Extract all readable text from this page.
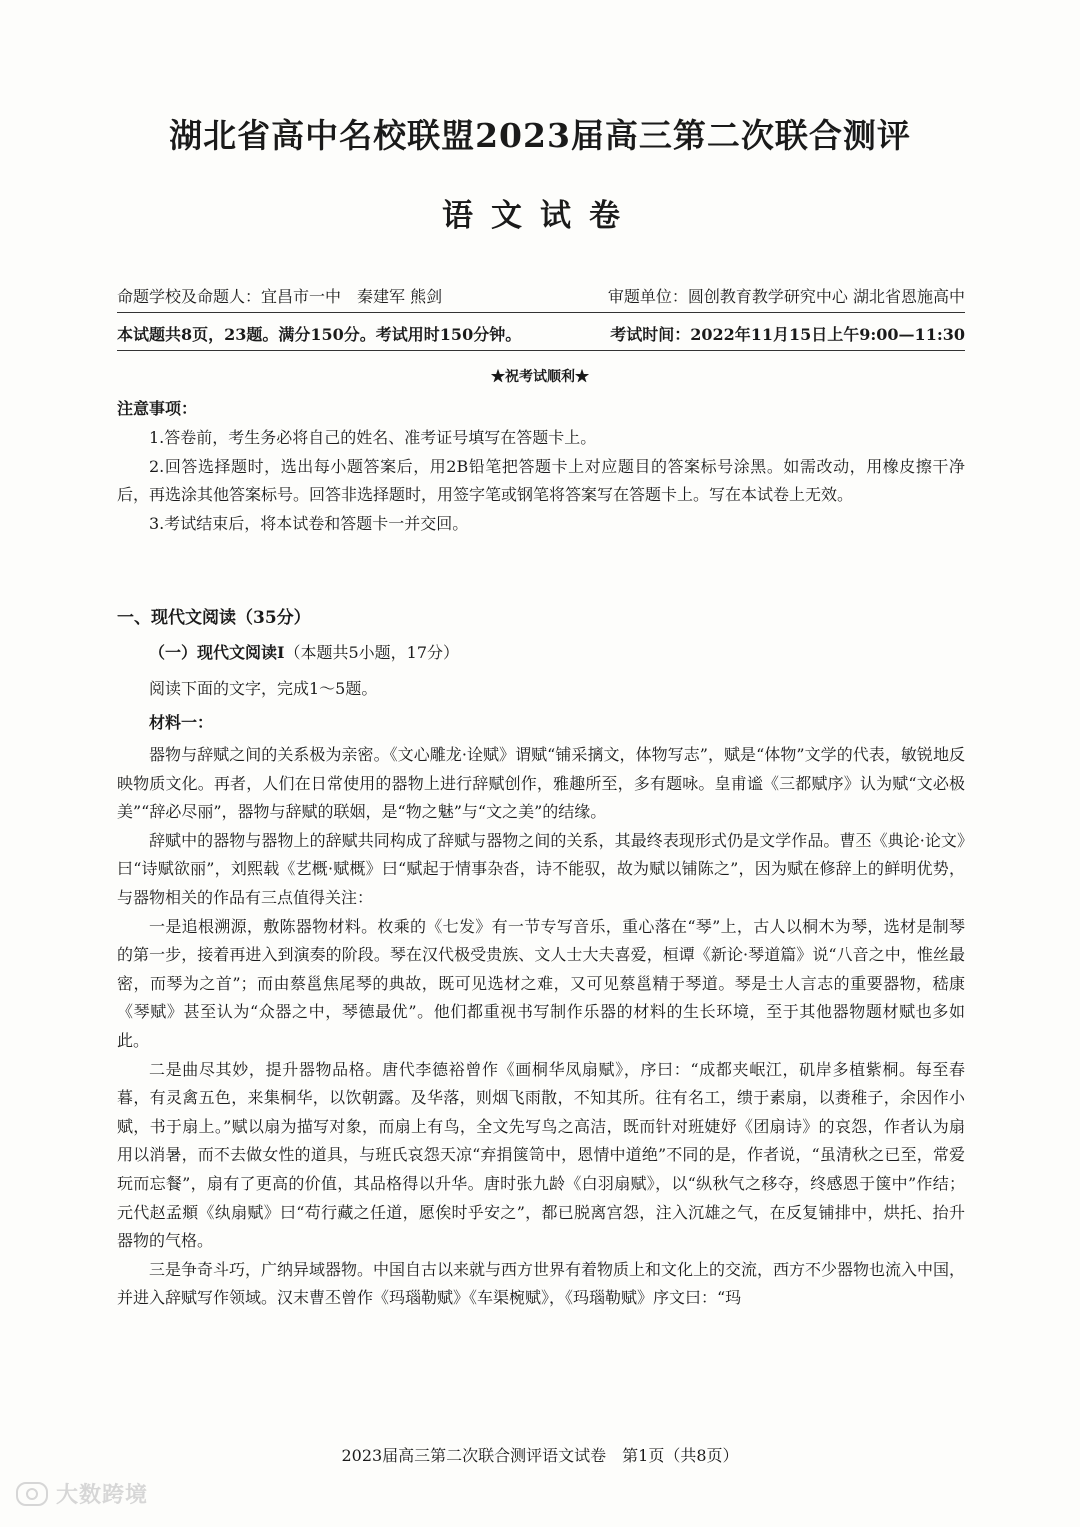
湖北省高中名校联盟2023届高三第二次联合测评
语文试卷
命题学校及命题人：宜昌市一中　秦建军 熊剑	审题单位：圆创教育教学研究中心 湖北省恩施高中
本试题共8页，23题。满分150分。考试用时150分钟。	考试时间：2022年11月15日上午9:00—11:30
★祝考试顺利★
注意事项：

1.答卷前，考生务必将自己的姓名、准考证号填写在答题卡上。

2.回答选择题时，选出每小题答案后，用2B铅笔把答题卡上对应题目的答案标号涂黑。如需改动，用橡皮擦干净后，再选涂其他答案标号。回答非选择题时，用签字笔或钢笔将答案写在答题卡上。写在本试卷上无效。

3.考试结束后，将本试卷和答题卡一并交回。

一、现代文阅读（35分）
（一）现代文阅读Ⅰ（本题共5小题，17分）
阅读下面的文字，完成1～5题。
材料一：

器物与辞赋之间的关系极为亲密。《文心雕龙·诠赋》谓赋“铺采摛文，体物写志”，赋是“体物”文学的代表，敏锐地反映物质文化。再者，人们在日常使用的器物上进行辞赋创作，雅趣所至，多有题咏。皇甫谧《三都赋序》认为赋“文必极美”“辞必尽丽”，器物与辞赋的联姻，是“物之魅”与“文之美”的结缘。

辞赋中的器物与器物上的辞赋共同构成了辞赋与器物之间的关系，其最终表现形式仍是文学作品。曹丕《典论·论文》曰“诗赋欲丽”，刘熙载《艺概·赋概》曰“赋起于情事杂沓，诗不能驭，故为赋以铺陈之”，因为赋在修辞上的鲜明优势，与器物相关的作品有三点值得关注：

一是追根溯源，敷陈器物材料。枚乘的《七发》有一节专写音乐，重心落在“琴”上，古人以桐木为琴，选材是制琴的第一步，接着再进入到演奏的阶段。琴在汉代极受贵族、文人士大夫喜爱，桓谭《新论·琴道篇》说“八音之中，惟丝最密，而琴为之首”；而由蔡邕焦尾琴的典故，既可见选材之难，又可见蔡邕精于琴道。琴是士人言志的重要器物，嵇康《琴赋》甚至认为“众器之中，琴德最优”。他们都重视书写制作乐器的材料的生长环境，至于其他器物题材赋也多如此。

二是曲尽其妙，提升器物品格。唐代李德裕曾作《画桐华凤扇赋》，序曰：“成都夹岷江，矶岸多植紫桐。每至春暮，有灵禽五色，来集桐华，以饮朝露。及华落，则烟飞雨散，不知其所。往有名工，缋于素扇，以赉稚子，余因作小赋，书于扇上。”赋以扇为描写对象，而扇上有鸟，全文先写鸟之高洁，既而针对班婕妤《团扇诗》的哀怨，作者认为扇用以消暑，而不去做女性的道具，与班氏哀怨天凉“弃捐箧笥中，恩情中道绝”不同的是，作者说，“虽清秋之已至，常爱玩而忘餐”，扇有了更高的价值，其品格得以升华。唐时张九龄《白羽扇赋》，以“纵秋气之移夺，终感恩于箧中”作结；元代赵孟頫《纨扇赋》曰“苟行藏之任道，愿俟时乎安之”，都已脱离宫怨，注入沉雄之气，在反复铺排中，烘托、抬升器物的气格。

三是争奇斗巧，广纳异域器物。中国自古以来就与西方世界有着物质上和文化上的交流，西方不少器物也流入中国，并进入辞赋写作领域。汉末曹丕曾作《玛瑙勒赋》《车渠椀赋》，《玛瑙勒赋》序文曰：“玛

2023届高三第二次联合测评语文试卷　第1页（共8页）
大数跨境
